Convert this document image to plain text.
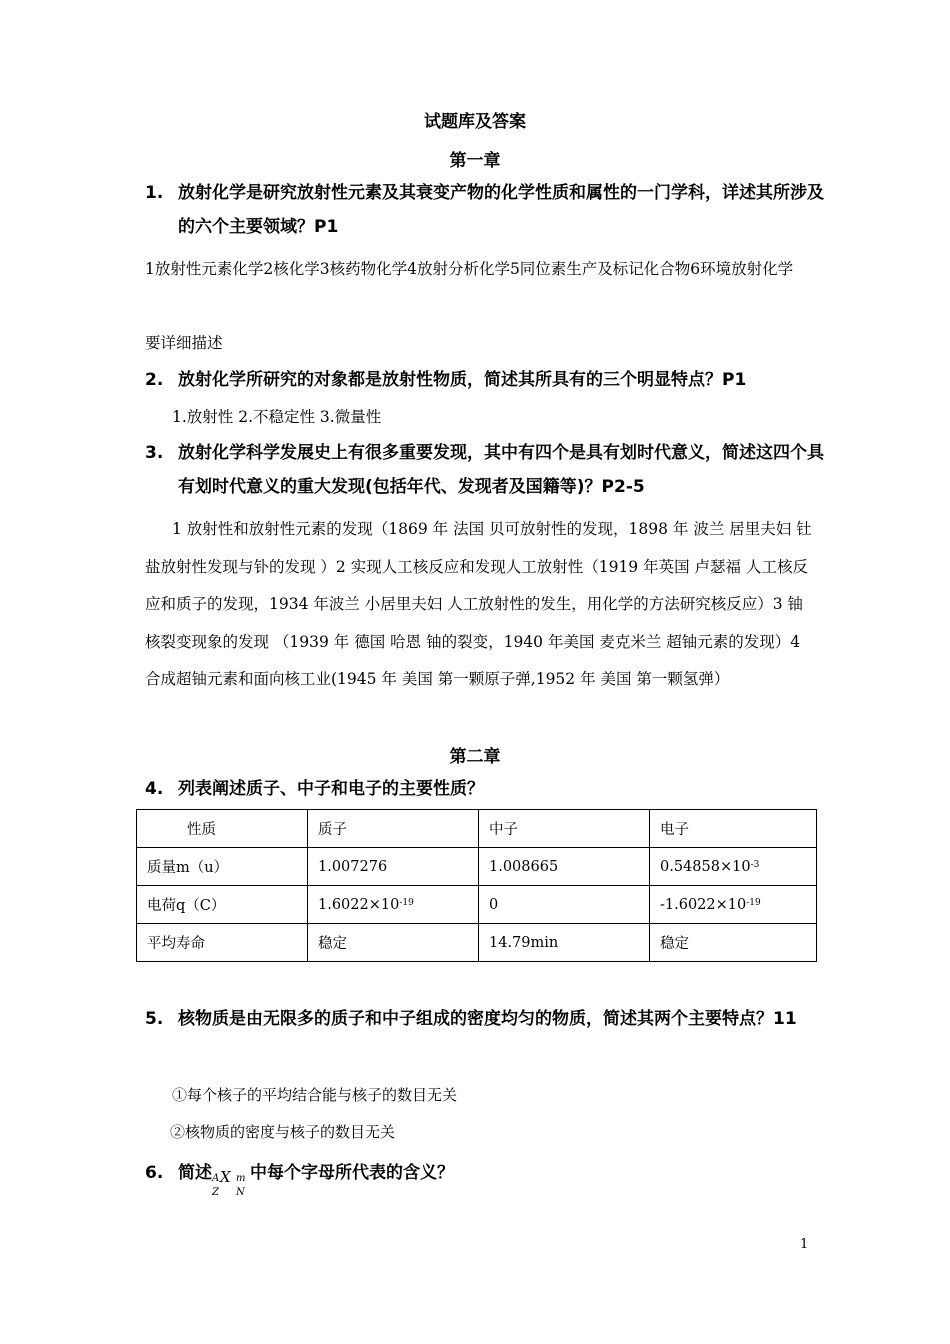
试题库及答案
第一章
1. 放射化学是研究放射性元素及其衰变产物的化学性质和属性的一门学科，详述其所涉及的六个主要领域？P1
1放射性元素化学2核化学3核药物化学4放射分析化学5同位素生产及标记化合物6环境放射化学
要详细描述
2. 放射化学所研究的对象都是放射性物质，简述其所具有的三个明显特点？P1
1.放射性 2.不稳定性 3.微量性
3. 放射化学科学发展史上有很多重要发现，其中有四个是具有划时代意义，简述这四个具有划时代意义的重大发现(包括年代、发现者及国籍等)？P2-5
1 放射性和放射性元素的发现（1869 年 法国 贝可放射性的发现，1898 年 波兰 居里夫妇 钍盐放射性发现与钋的发现 ）2 实现人工核反应和发现人工放射性（1919 年英国 卢瑟福 人工核反应和质子的发现，1934 年波兰 小居里夫妇 人工放射性的发生，用化学的方法研究核反应）3 铀核裂变现象的发现 （1939 年 德国 哈恩 铀的裂变，1940 年美国 麦克米兰 超铀元素的发现）4 合成超铀元素和面向核工业(1945 年 美国 第一颗原子弹,1952 年 美国 第一颗氢弹）
第二章
4. 列表阐述质子、中子和电子的主要性质？
性质	质子	中子	电子
质量m（u）	1.007276	1.008665	$0.54858\times 10^{-3}$
电荷q（C）	$1.6022\times 10^{-19}$	0	$-1.6022\times 10^{-19}$
平均寿命	稳定	14.79min	稳定
5. 核物质是由无限多的质子和中子组成的密度均匀的物质，简述其两个主要特点？11
①每个核子的平均结合能与核子的数目无关
②核物质的密度与核子的数目无关
6. 简述 A X m
Z N
中每个字母所代表的含义？
1
